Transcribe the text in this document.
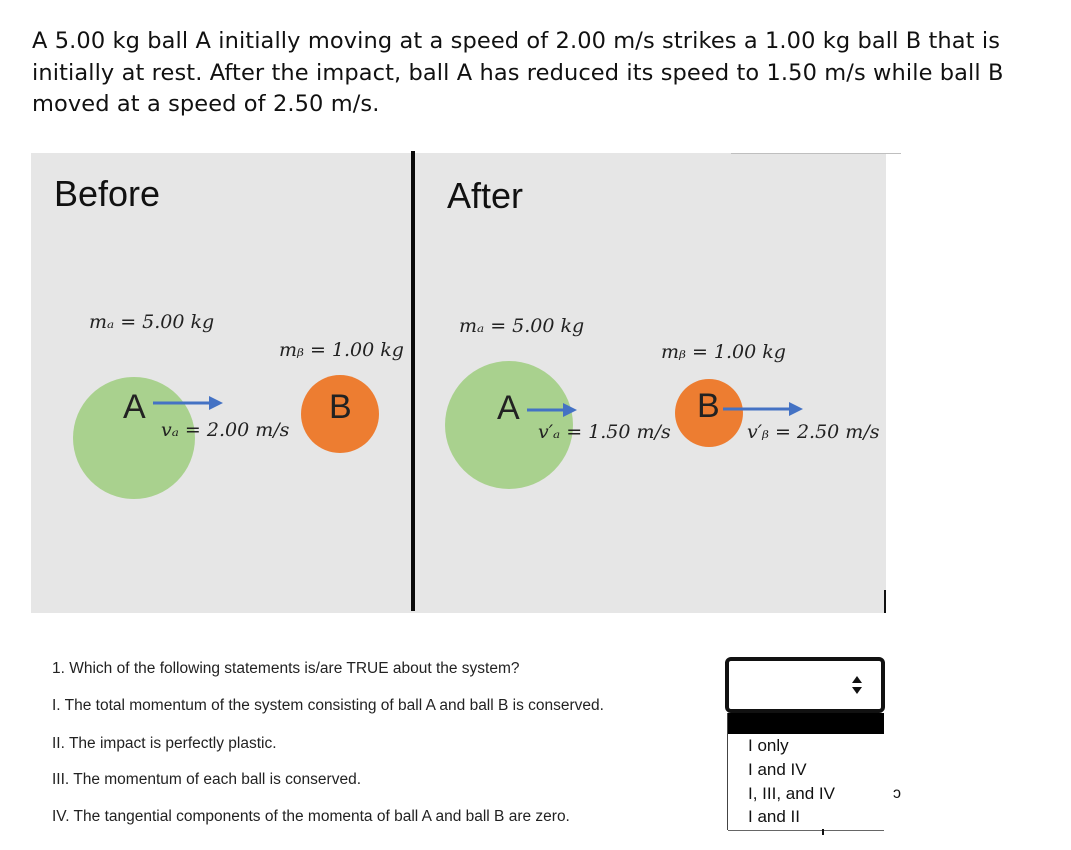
A 5.00 kg ball A initially moving at a speed of 2.00 m/s strikes a 1.00 kg ball B that is initially at rest. After the impact, ball A has reduced its speed to 1.50 m/s while ball B moved at a speed of 2.50 m/s.
Before
mₐ = 5.00 kg
mᵦ = 1.00 kg
A
vₐ = 2.00 m/s
B
After
mₐ = 5.00 kg
mᵦ = 1.00 kg
A
v′ₐ = 1.50 m/s
B
v′ᵦ = 2.50 m/s
1. Which of the following statements is/are TRUE about the system?
I. The total momentum of the system consisting of ball A and ball B is conserved.
II. The impact is perfectly plastic.
III. The momentum of each ball is conserved.
IV. The tangential components of the momenta of ball A and ball B are zero.
I only
I and IV
I, III, and IV
I and II
ɔ
